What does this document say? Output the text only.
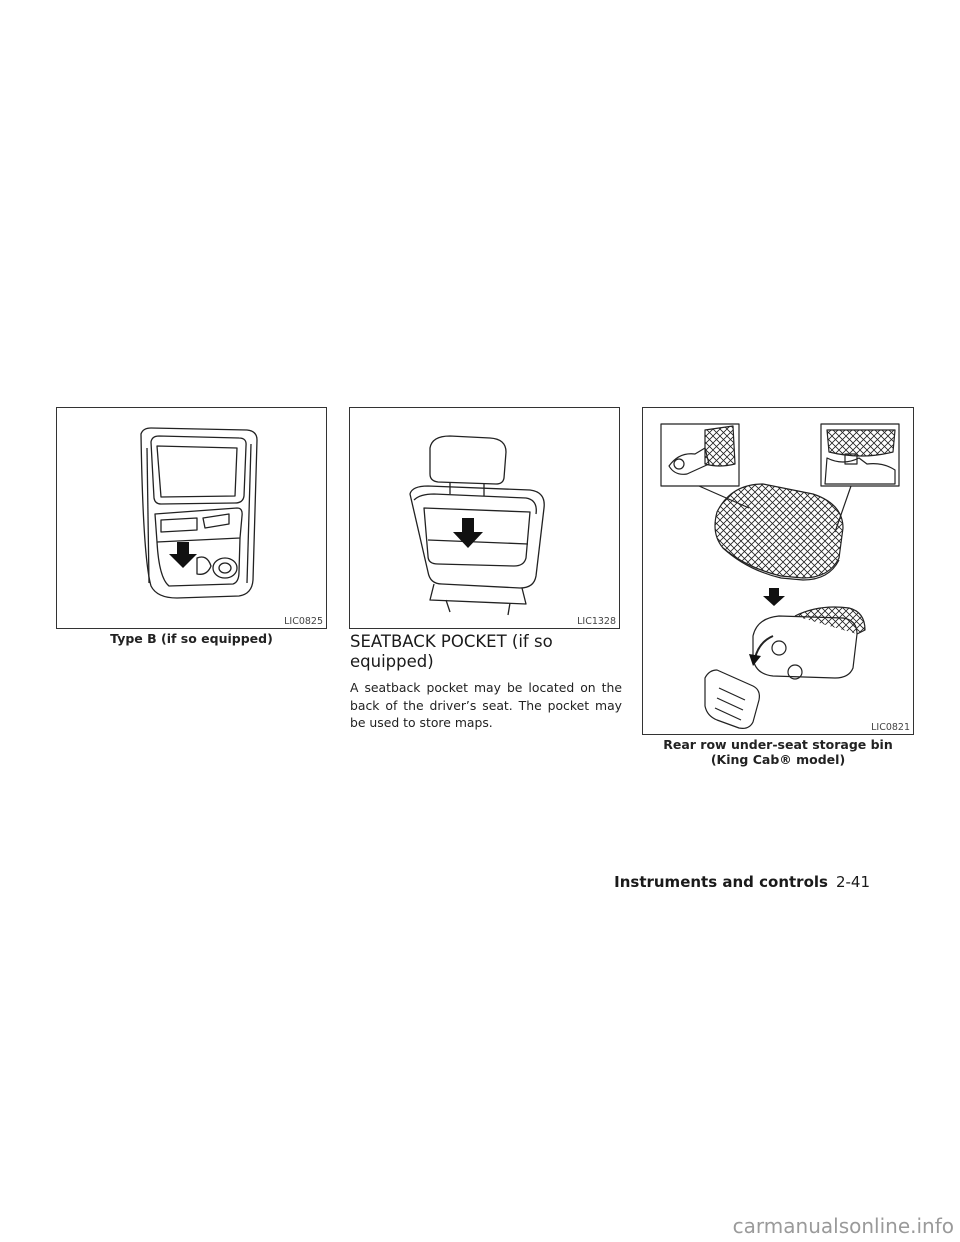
LIC0825
Type B (if so equipped)
LIC1328
SEATBACK POCKET (if so equipped)
A seatback pocket may be located on the back of the driver’s seat. The pocket may be used to store maps.	LIC0821
Rear row under-seat storage bin
(King Cab® model)
Instruments and controls 2-41
carmanualsonline.info
